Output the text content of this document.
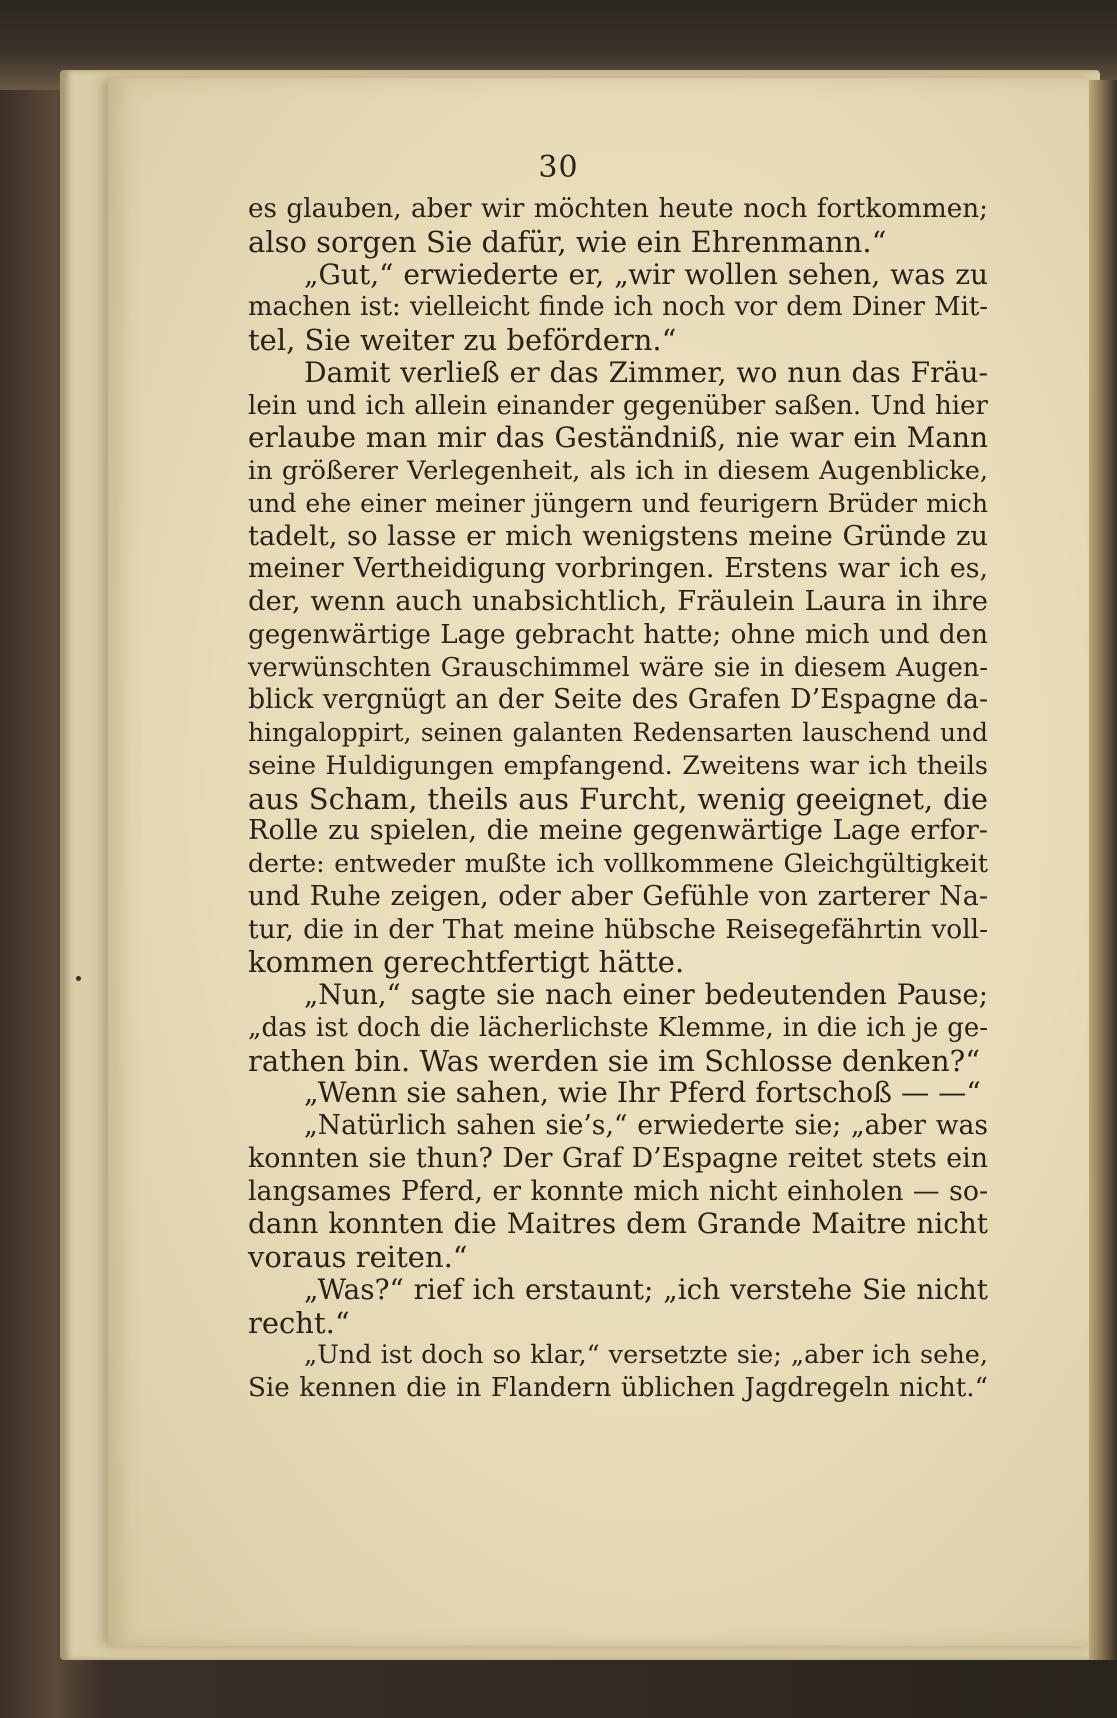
30
es glauben, aber wir möchten heute noch fortkommen;
also sorgen Sie dafür, wie ein Ehrenmann.“
„Gut,“ erwiederte er, „wir wollen sehen, was zu
machen ist: vielleicht finde ich noch vor dem Diner Mit-
tel, Sie weiter zu befördern.“
Damit verließ er das Zimmer, wo nun das Fräu-
lein und ich allein einander gegenüber saßen. Und hier
erlaube man mir das Geständniß, nie war ein Mann
in größerer Verlegenheit, als ich in diesem Augenblicke,
und ehe einer meiner jüngern und feurigern Brüder mich
tadelt, so lasse er mich wenigstens meine Gründe zu
meiner Vertheidigung vorbringen. Erstens war ich es,
der, wenn auch unabsichtlich, Fräulein Laura in ihre
gegenwärtige Lage gebracht hatte; ohne mich und den
verwünschten Grauschimmel wäre sie in diesem Augen-
blick vergnügt an der Seite des Grafen D’Espagne da-
hingaloppirt, seinen galanten Redensarten lauschend und
seine Huldigungen empfangend. Zweitens war ich theils
aus Scham, theils aus Furcht, wenig geeignet, die
Rolle zu spielen, die meine gegenwärtige Lage erfor-
derte: entweder mußte ich vollkommene Gleichgültigkeit
und Ruhe zeigen, oder aber Gefühle von zarterer Na-
tur, die in der That meine hübsche Reisegefährtin voll-
kommen gerechtfertigt hätte.
„Nun,“ sagte sie nach einer bedeutenden Pause;
„das ist doch die lächerlichste Klemme, in die ich je ge-
rathen bin. Was werden sie im Schlosse denken?“
„Wenn sie sahen, wie Ihr Pferd fortschoß — —“
„Natürlich sahen sie’s,“ erwiederte sie; „aber was
konnten sie thun? Der Graf D’Espagne reitet stets ein
langsames Pferd, er konnte mich nicht einholen — so-
dann konnten die Maitres dem Grande Maitre nicht
voraus reiten.“
„Was?“ rief ich erstaunt; „ich verstehe Sie nicht
recht.“
„Und ist doch so klar,“ versetzte sie; „aber ich sehe,
Sie kennen die in Flandern üblichen Jagdregeln nicht.“
